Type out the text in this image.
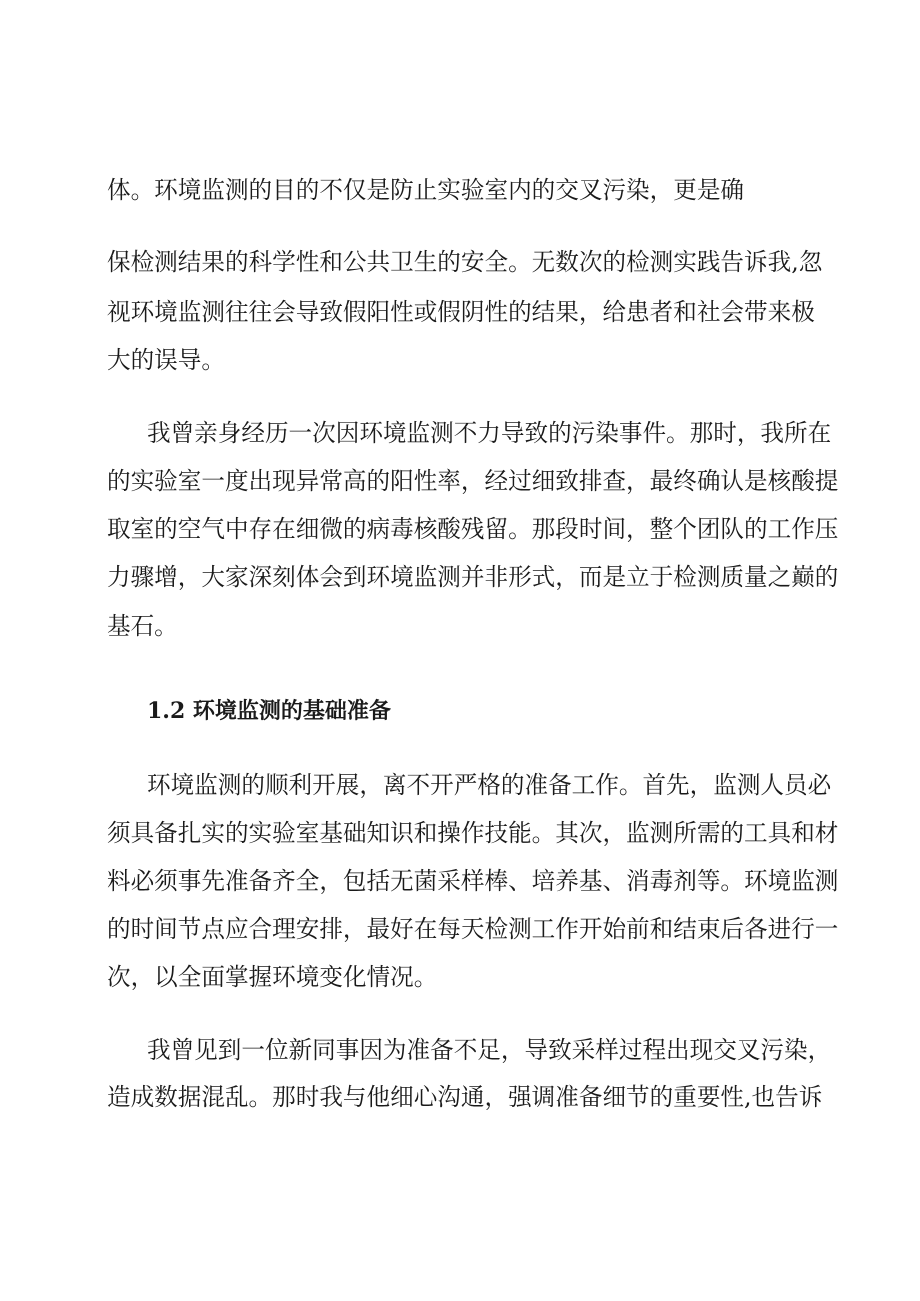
体。环境监测的目的不仅是防止实验室内的交叉污染，更是确
保检测结果的科学性和公共卫生的安全。无数次的检测实践告诉我,忽
视环境监测往往会导致假阳性或假阴性的结果，给患者和社会带来极
大的误导。
我曾亲身经历一次因环境监测不力导致的污染事件。那时，我所在
的实验室一度出现异常高的阳性率，经过细致排查，最终确认是核酸提
取室的空气中存在细微的病毒核酸残留。那段时间，整个团队的工作压
力骤增，大家深刻体会到环境监测并非形式，而是立于检测质量之巅的
基石。
1.2 环境监测的基础准备
环境监测的顺利开展，离不开严格的准备工作。首先，监测人员必
须具备扎实的实验室基础知识和操作技能。其次，监测所需的工具和材
料必须事先准备齐全，包括无菌采样棒、培养基、消毒剂等。环境监测
的时间节点应合理安排，最好在每天检测工作开始前和结束后各进行一
次，以全面掌握环境变化情况。
我曾见到一位新同事因为准备不足，导致采样过程出现交叉污染，
造成数据混乱。那时我与他细心沟通，强调准备细节的重要性,也告诉
